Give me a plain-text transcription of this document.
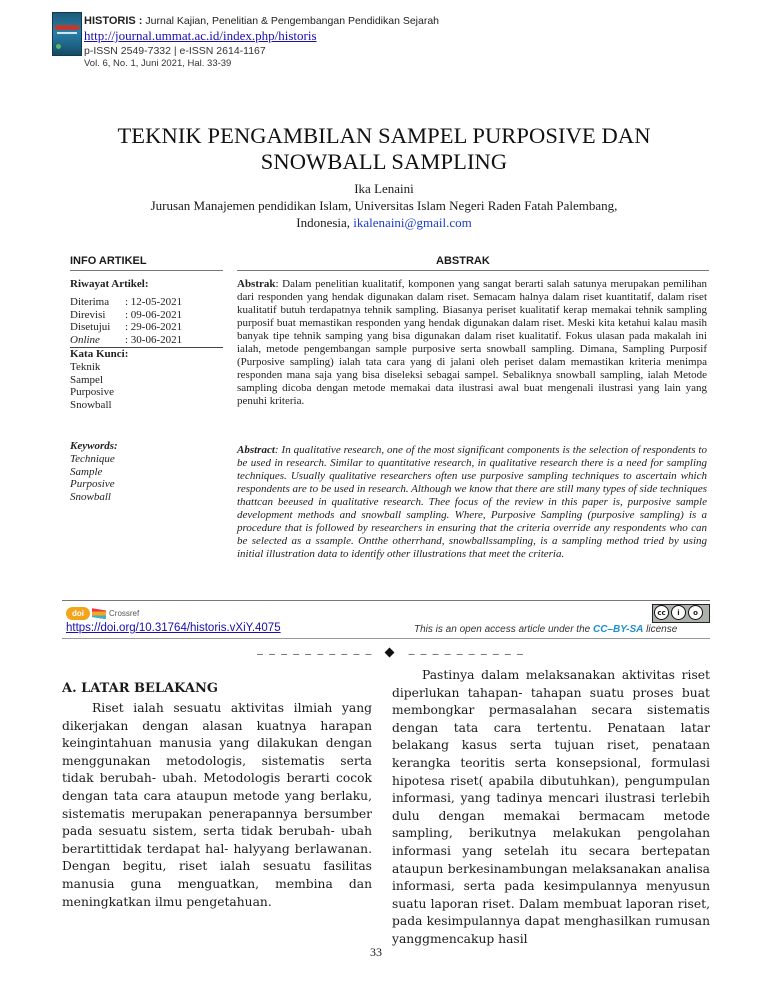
HISTORIS : Jurnal Kajian, Penelitian & Pengembangan Pendidikan Sejarah
http://journal.ummat.ac.id/index.php/historis
p-ISSN 2549-7332 | e-ISSN 2614-1167
Vol. 6, No. 1, Juni 2021, Hal. 33-39
TEKNIK PENGAMBILAN SAMPEL PURPOSIVE DAN
SNOWBALL SAMPLING
Ika Lenaini
Jurusan Manajemen pendidikan Islam, Universitas Islam Negeri Raden Fatah Palembang,
Indonesia, ikalenaini@gmail.com
INFO ARTIKEL	ABSTRAK
Riwayat Artikel:
Diterima	: 12-05-2021
Direvisi	: 09-06-2021
Disetujui	: 29-06-2021
Online	: 30-06-2021
Kata Kunci:
Teknik
Sampel
Purposive
Snowball
Keywords:
Technique
Sample
Purposive
Snowball
Abstrak: Dalam penelitian kualitatif, komponen yang sangat berarti salah satunya merupakan pemilihan dari responden yang hendak digunakan dalam riset. Semacam halnya dalam riset kuantitatif, dalam riset kualitatif butuh terdapatnya tehnik sampling. Biasanya periset kualitatif kerap memakai tehnik sampling purposif buat memastikan responden yang hendak digunakan dalam riset. Meski kita ketahui kalau masih banyak tipe tehnik samping yang bisa digunakan dalam riset kualitatif. Fokus ulasan pada makalah ini ialah, metode pengembangan sample purposive serta snowball sampling. Dimana, Sampling Purposif (Purposive sampling) ialah tata cara yang di jalani oleh periset dalam memastikan kriteria menimpa responden mana saja yang bisa diseleksi sebagai sampel. Sebaliknya snowball sampling, ialah Metode sampling dicoba dengan metode memakai data ilustrasi awal buat mengenali ilustrasi yang lain yang penuhi kriteria.
Abstract: In qualitative research, one of the most significant components is the selection of respondents to be used in research. Similar to quantitative research, in qualitative research there is a need for sampling techniques. Usually qualitative researchers often use purposive sampling techniques to ascertain which respondents are to be used in research. Although we know that there are still many types of side techniques thattcan beeused in qualitative research. Thee focus of the review in this paper is, purposive sample development methods and snowball sampling. Where, Purposive Sampling (purposive sampling) is a procedure that is followed by researchers in ensuring that the criteria override any respondents who can be selected as a ssample. Ontthe otherrhand, snowballssampling, is a sampling method tried by using initial illustration data to identify other illustrations that meet the criteria.
doi	Crossref
https://doi.org/10.31764/historis.vXiY.4075
cc	i	o
This is an open access article under the CC–BY-SA license
– – – – – – – – – –	– – – – – – – – – –
A. LATAR BELAKANG

Riset ialah sesuatu aktivitas ilmiah yang dikerjakan dengan alasan kuatnya harapan keingintahuan manusia yang dilakukan dengan menggunakan metodologis, sistematis serta tidak berubah- ubah. Metodologis berarti cocok dengan tata cara ataupun metode yang berlaku, sistematis merupakan penerapannya bersumber pada sesuatu sistem, serta tidak berubah- ubah berartittidak terdapat hal- halyyang berlawanan. Dengan begitu, riset ialah sesuatu fasilitas manusia guna menguatkan, membina dan meningkatkan ilmu pengetahuan.

Pastinya dalam melaksanakan aktivitas riset diperlukan tahapan- tahapan suatu proses buat membongkar permasalahan secara sistematis dengan tata cara tertentu. Penataan latar belakang kasus serta tujuan riset, penataan kerangka teoritis serta konsepsional, formulasi hipotesa riset( apabila dibutuhkan), pengumpulan informasi, yang tadinya mencari ilustrasi terlebih dulu dengan memakai bermacam metode sampling, berikutnya melakukan pengolahan informasi yang setelah itu secara bertepatan ataupun berkesinambungan melaksanakan analisa informasi, serta pada kesimpulannya menyusun suatu laporan riset. Dalam membuat laporan riset, pada kesimpulannya dapat menghasilkan rumusan yanggmencakup hasil

33
